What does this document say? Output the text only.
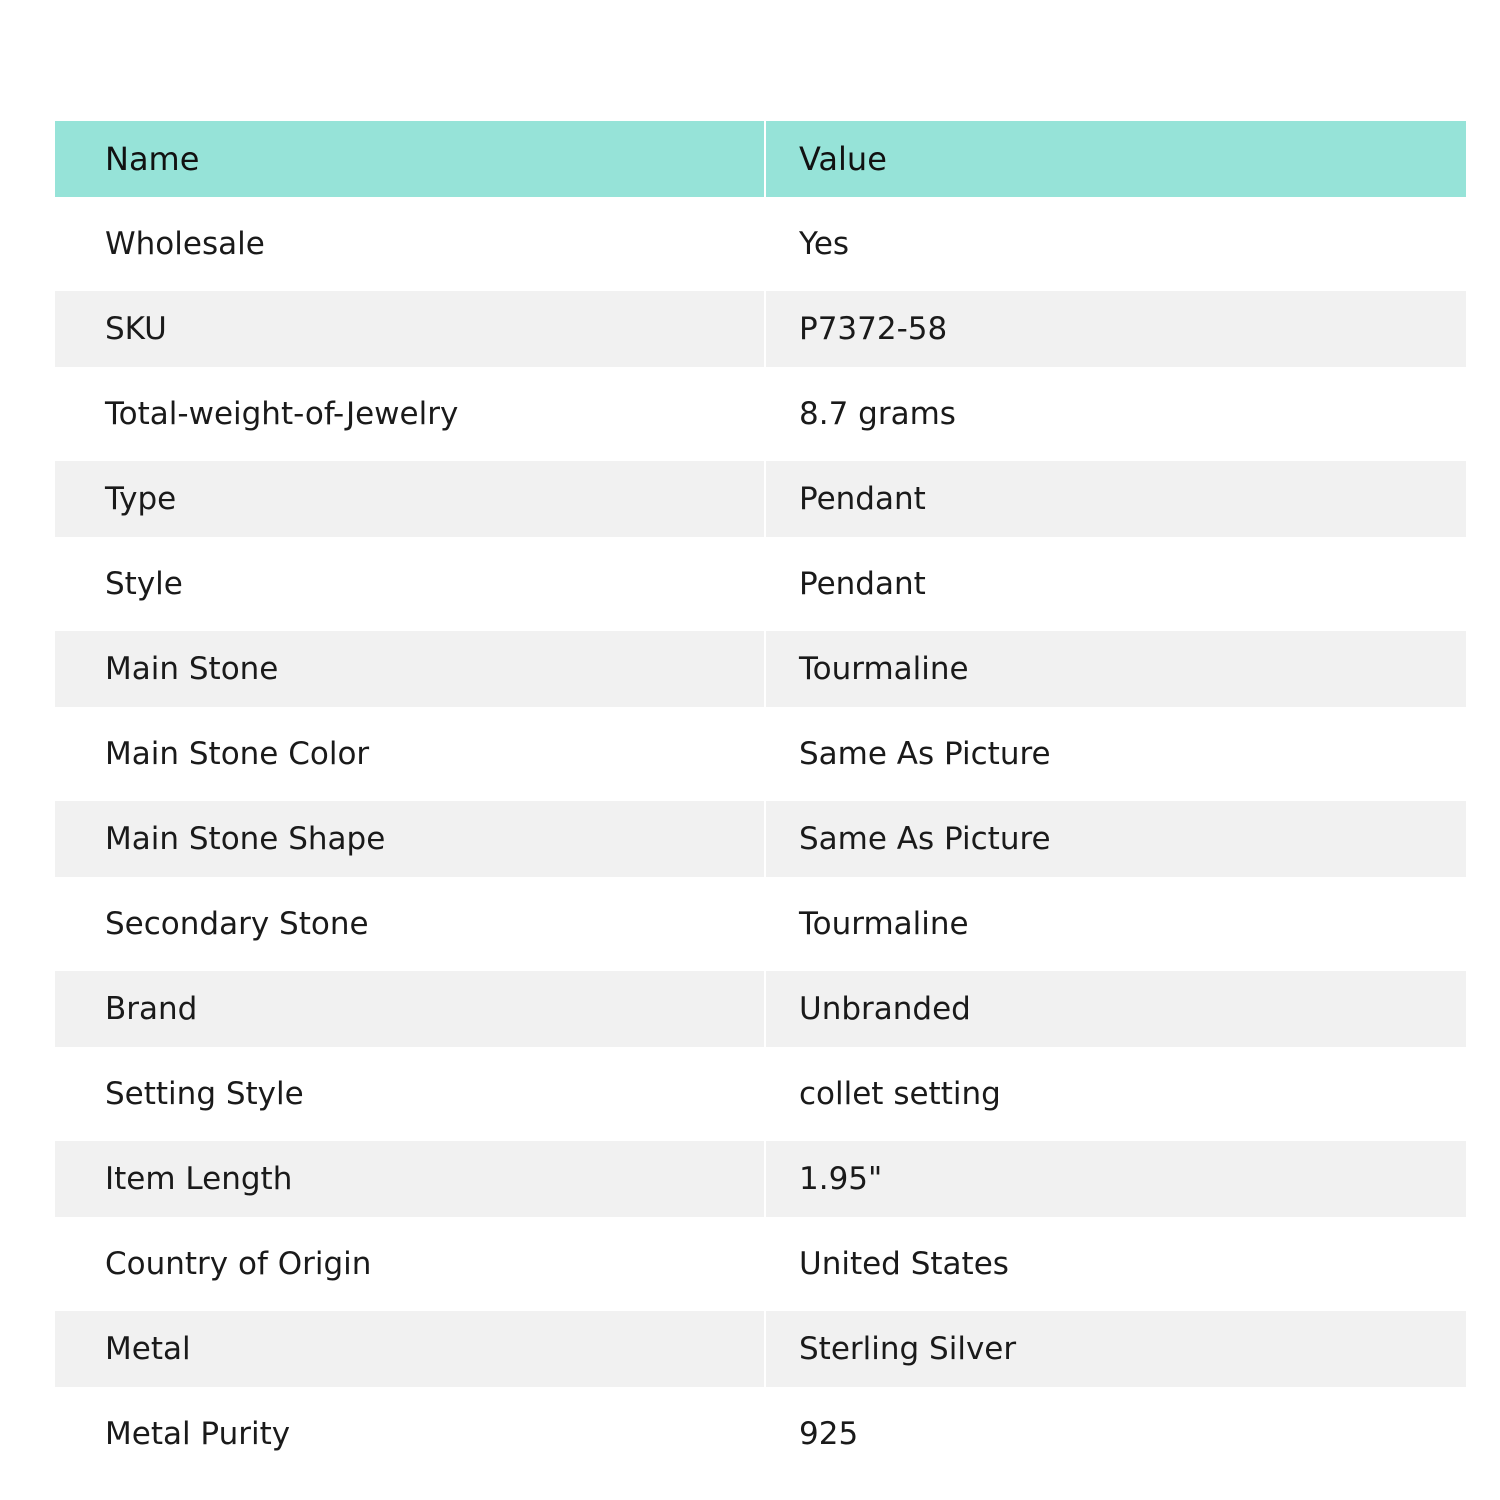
Name	Value
Wholesale	Yes
SKU	P7372-58
Total-weight-of-Jewelry	8.7 grams
Type	Pendant
Style	Pendant
Main Stone	Tourmaline
Main Stone Color	Same As Picture
Main Stone Shape	Same As Picture
Secondary Stone	Tourmaline
Brand	Unbranded
Setting Style	collet setting
Item Length	1.95"
Country of Origin	United States
Metal	Sterling Silver
Metal Purity	925
